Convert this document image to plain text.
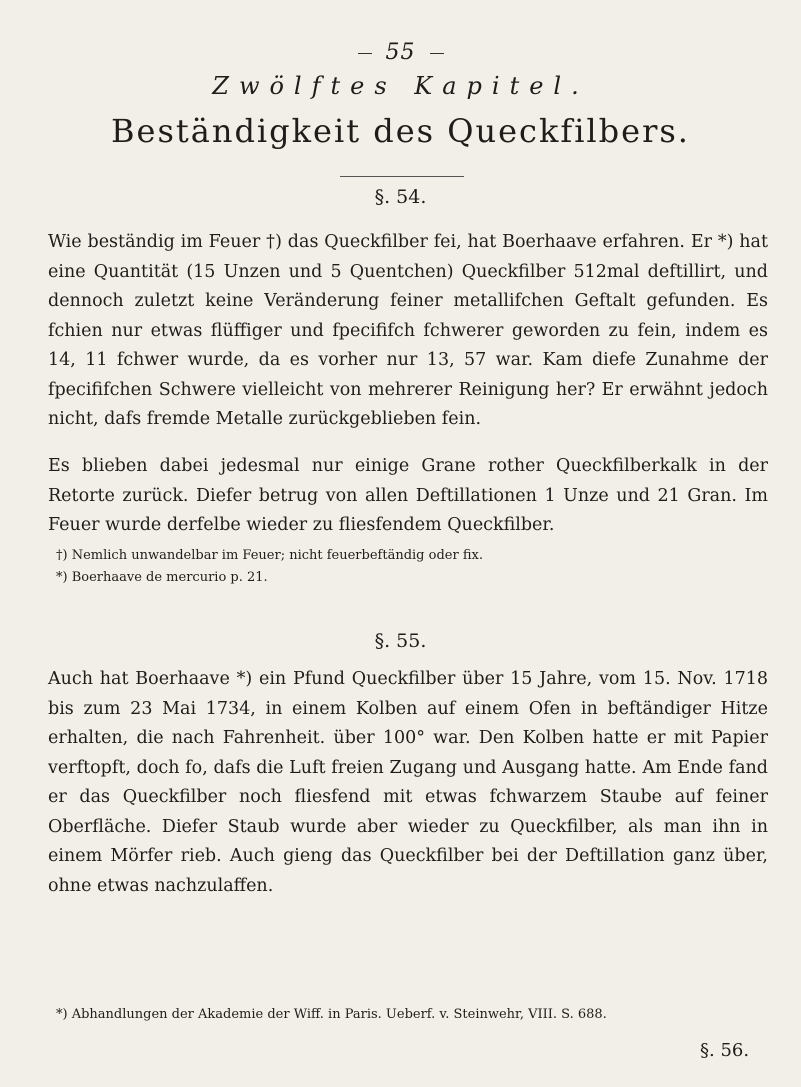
55
Zwölftes Kapitel.
Beständigkeit des Queckfilbers.
§. 54.

Wie beständig im Feuer †) das Queckfilber fei, hat Boerhaave erfahren. Er *) hat eine Quantität (15 Unzen und 5 Quentchen) Queckfilber 512mal deftillirt, und dennoch zuletzt keine Veränderung feiner metallifchen Geftalt gefunden. Es fchien nur etwas flüffiger und fpecififch fchwerer geworden zu fein, indem es 14, 11 fchwer wurde, da es vorher nur 13, 57 war. Kam diefe Zunahme der fpecififchen Schwere vielleicht von mehrerer Reinigung her? Er erwähnt jedoch nicht, dafs fremde Metalle zurückgeblieben fein.

Es blieben dabei jedesmal nur einige Grane rother Queckfilberkalk in der Retorte zurück. Diefer betrug von allen Deftillationen 1 Unze und 21 Gran. Im Feuer wurde derfelbe wieder zu fliesfendem Queckfilber.

†) Nemlich unwandelbar im Feuer; nicht feuerbeftändig oder fix.

*) Boerhaave de mercurio p. 21.

§. 55.

Auch hat Boerhaave *) ein Pfund Queckfilber über 15 Jahre, vom 15. Nov. 1718 bis zum 23 Mai 1734, in einem Kolben auf einem Ofen in beftändiger Hitze erhalten, die nach Fahrenheit. über 100° war. Den Kolben hatte er mit Papier verftopft, doch fo, dafs die Luft freien Zugang und Ausgang hatte. Am Ende fand er das Queckfilber noch fliesfend mit etwas fchwarzem Staube auf feiner Oberfläche. Diefer Staub wurde aber wieder zu Queckfilber, als man ihn in einem Mörfer rieb. Auch gieng das Queckfilber bei der Deftillation ganz über, ohne etwas nachzulaffen.

*) Abhandlungen der Akademie der Wiff. in Paris. Ueberf. v. Steinwehr, VIII. S. 688.

§. 56.
